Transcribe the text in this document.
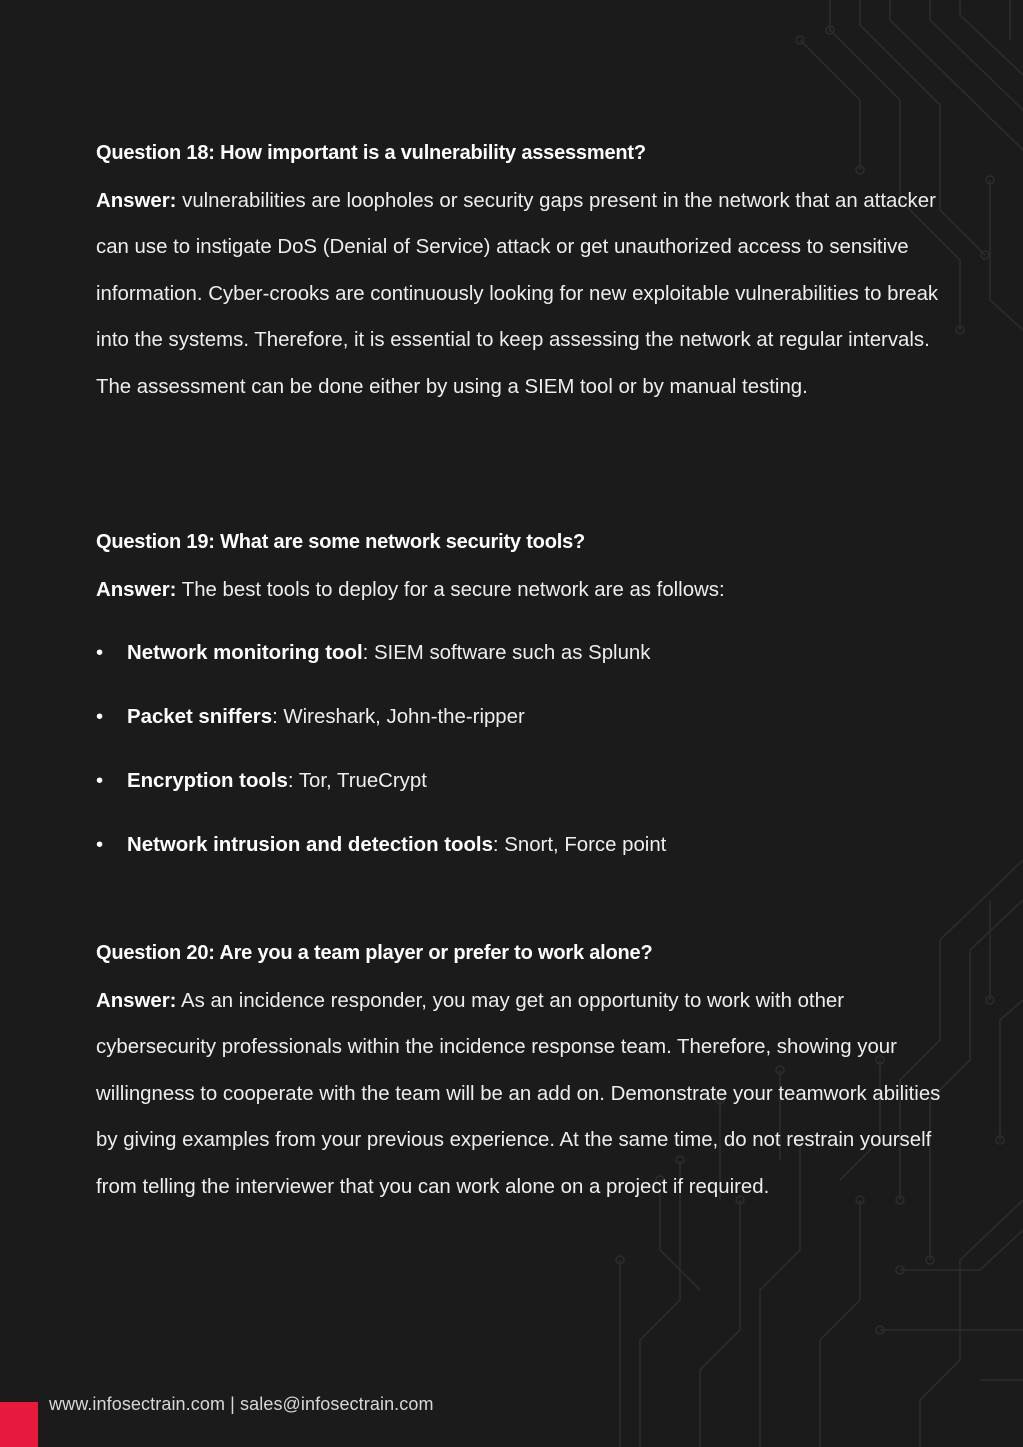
Question 18: How important is a vulnerability assessment?

Answer: vulnerabilities are loopholes or security gaps present in the network that an attacker can use to instigate DoS (Denial of Service) attack or get unauthorized access to sensitive information. Cyber-crooks are continuously looking for new exploitable vulnerabilities to break into the systems. Therefore, it is essential to keep assessing the network at regular intervals. The assessment can be done either by using a SIEM tool or by manual testing.

Question 19: What are some network security tools?

Answer: The best tools to deploy for a secure network are as follows:

• Network monitoring tool: SIEM software such as Splunk
• Packet sniffers: Wireshark, John-the-ripper
• Encryption tools: Tor, TrueCrypt
• Network intrusion and detection tools: Snort, Force point
Question 20: Are you a team player or prefer to work alone?

Answer: As an incidence responder, you may get an opportunity to work with other cybersecurity professionals within the incidence response team. Therefore, showing your willingness to cooperate with the team will be an add on. Demonstrate your teamwork abilities by giving examples from your previous experience. At the same time, do not restrain yourself from telling the interviewer that you can work alone on a project if required.

www.infosectrain.com | sales@infosectrain.com
